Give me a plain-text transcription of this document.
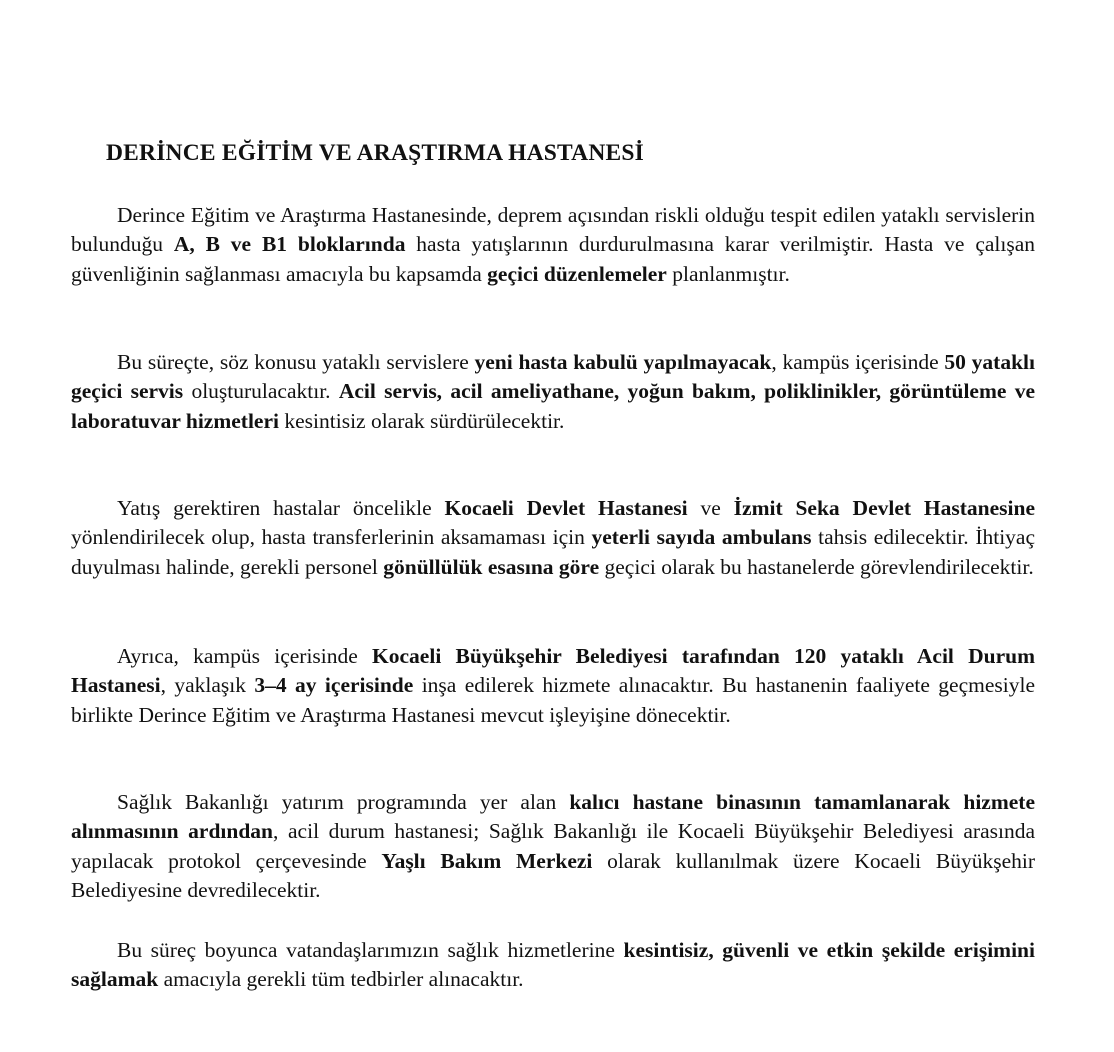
DERİNCE EĞİTİM VE ARAŞTIRMA HASTANESİ

Derince Eğitim ve Araştırma Hastanesinde, deprem açısından riskli olduğu tespit edilen yataklı servislerin bulunduğu A, B ve B1 bloklarında hasta yatışlarının durdurulmasına karar verilmiştir. Hasta ve çalışan güvenliğinin sağlanması amacıyla bu kapsamda geçici düzenlemeler planlanmıştır.

Bu süreçte, söz konusu yataklı servislere yeni hasta kabulü yapılmayacak, kampüs içerisinde 50 yataklı geçici servis oluşturulacaktır. Acil servis, acil ameliyathane, yoğun bakım, poliklinikler, görüntüleme ve laboratuvar hizmetleri kesintisiz olarak sürdürülecektir.

Yatış gerektiren hastalar öncelikle Kocaeli Devlet Hastanesi ve İzmit Seka Devlet Hastanesine yönlendirilecek olup, hasta transferlerinin aksamaması için yeterli sayıda ambulans tahsis edilecektir. İhtiyaç duyulması halinde, gerekli personel gönüllülük esasına göre geçici olarak bu hastanelerde görevlendirilecektir.

Ayrıca, kampüs içerisinde Kocaeli Büyükşehir Belediyesi tarafından 120 yataklı Acil Durum Hastanesi, yaklaşık 3–4 ay içerisinde inşa edilerek hizmete alınacaktır. Bu hastanenin faaliyete geçmesiyle birlikte Derince Eğitim ve Araştırma Hastanesi mevcut işleyişine dönecektir.

Sağlık Bakanlığı yatırım programında yer alan kalıcı hastane binasının tamamlanarak hizmete alınmasının ardından, acil durum hastanesi; Sağlık Bakanlığı ile Kocaeli Büyükşehir Belediyesi arasında yapılacak protokol çerçevesinde Yaşlı Bakım Merkezi olarak kullanılmak üzere Kocaeli Büyükşehir Belediyesine devredilecektir.

Bu süreç boyunca vatandaşlarımızın sağlık hizmetlerine kesintisiz, güvenli ve etkin şekilde erişimini sağlamak amacıyla gerekli tüm tedbirler alınacaktır.
